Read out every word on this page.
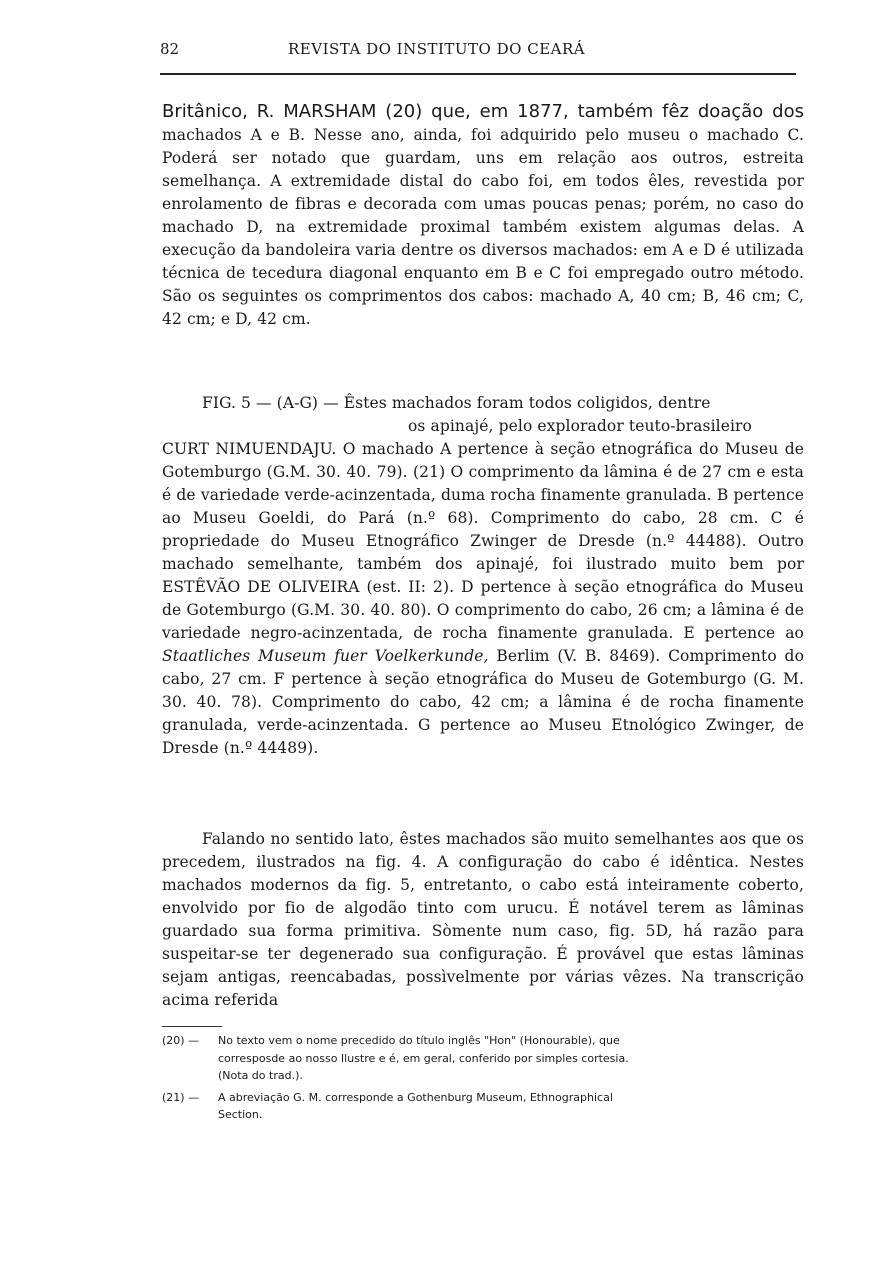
82	REVISTA DO INSTITUTO DO CEARÁ

Britânico, R. MARSHAM (20) que, em 1877, também fêz doação dos machados A e B. Nesse ano, ainda, foi adquirido pelo museu o machado C. Poderá ser notado que guardam, uns em relação aos outros, estreita semelhança. A extremidade distal do cabo foi, em todos êles, revestida por enrolamento de fibras e decorada com umas poucas penas; porém, no caso do machado D, na extremidade proximal também existem algumas delas. A execução da bandoleira varia dentre os diversos machados: em A e D é utilizada técnica de tecedura diagonal enquanto em B e C foi empregado outro método. São os seguintes os comprimentos dos cabos: machado A, 40 cm; B, 46 cm; C, 42 cm; e D, 42 cm.

FIG. 5 — (A-G) — Êstes machados foram todos coligidos, dentre
os apinajé, pelo explorador teuto-brasileiro
CURT NIMUENDAJU. O machado A pertence à seção etnográfica do Museu de Gotemburgo (G.M. 30. 40. 79). (21) O comprimento da lâmina é de 27 cm e esta é de variedade verde-acinzentada, duma rocha finamente granulada. B pertence ao Museu Goeldi, do Pará (n.º 68). Comprimento do cabo, 28 cm. C é propriedade do Museu Etnográfico Zwinger de Dresde (n.º 44488). Outro machado semelhante, também dos apinajé, foi ilustrado muito bem por ESTÊVÃO DE OLIVEIRA (est. II: 2). D pertence à seção etnográfica do Museu de Gotemburgo (G.M. 30. 40. 80). O comprimento do cabo, 26 cm; a lâmina é de variedade negro-acinzentada, de rocha finamente granulada. E pertence ao Staatliches Museum fuer Voelkerkunde, Berlim (V. B. 8469). Comprimento do cabo, 27 cm. F pertence à seção etnográfica do Museu de Gotemburgo (G. M. 30. 40. 78). Comprimento do cabo, 42 cm; a lâmina é de rocha finamente granulada, verde-acinzentada. G pertence ao Museu Etnológico Zwinger, de Dresde (n.º 44489).

Falando no sentido lato, êstes machados são muito semelhantes aos que os precedem, ilustrados na fig. 4. A configuração do cabo é idêntica. Nestes machados modernos da fig. 5, entretanto, o cabo está inteiramente coberto, envolvido por fio de algodão tinto com urucu. É notável terem as lâminas guardado sua forma primitiva. Sòmente num caso, fig. 5D, há razão para suspeitar-se ter degenerado sua configuração. É provável que estas lâminas sejam antigas, reencabadas, possìvelmente por várias vêzes. Na transcrição acima referida

(20) —	No texto vem o nome precedido do título inglês "Hon" (Honourable), que
corresposde ao nosso Ilustre e é, em geral, conferido por simples cortesia.
(Nota do trad.).
(21) —	A abreviação G. M. corresponde a Gothenburg Museum, Ethnographical
Section.
